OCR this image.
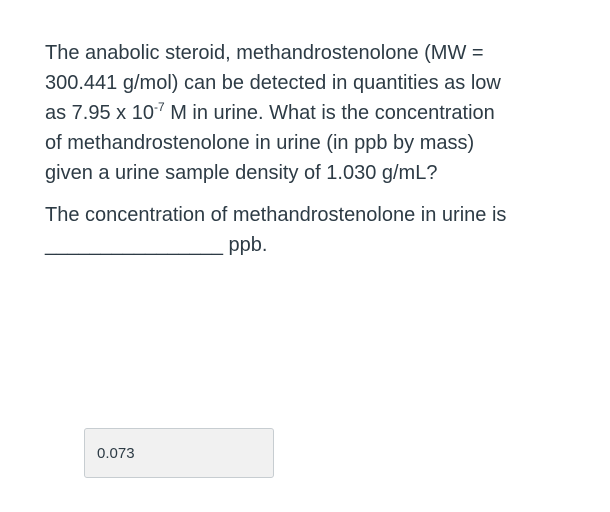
The anabolic steroid, methandrostenolone (MW =
300.441 g/mol) can be detected in quantities as low
as 7.95 x $10^{-7}$ M in urine. What is the concentration
of methandrostenolone in urine (in ppb by mass)
given a urine sample density of 1.030 g/mL?

The concentration of methandrostenolone in urine is
________________ ppb.

0.073
